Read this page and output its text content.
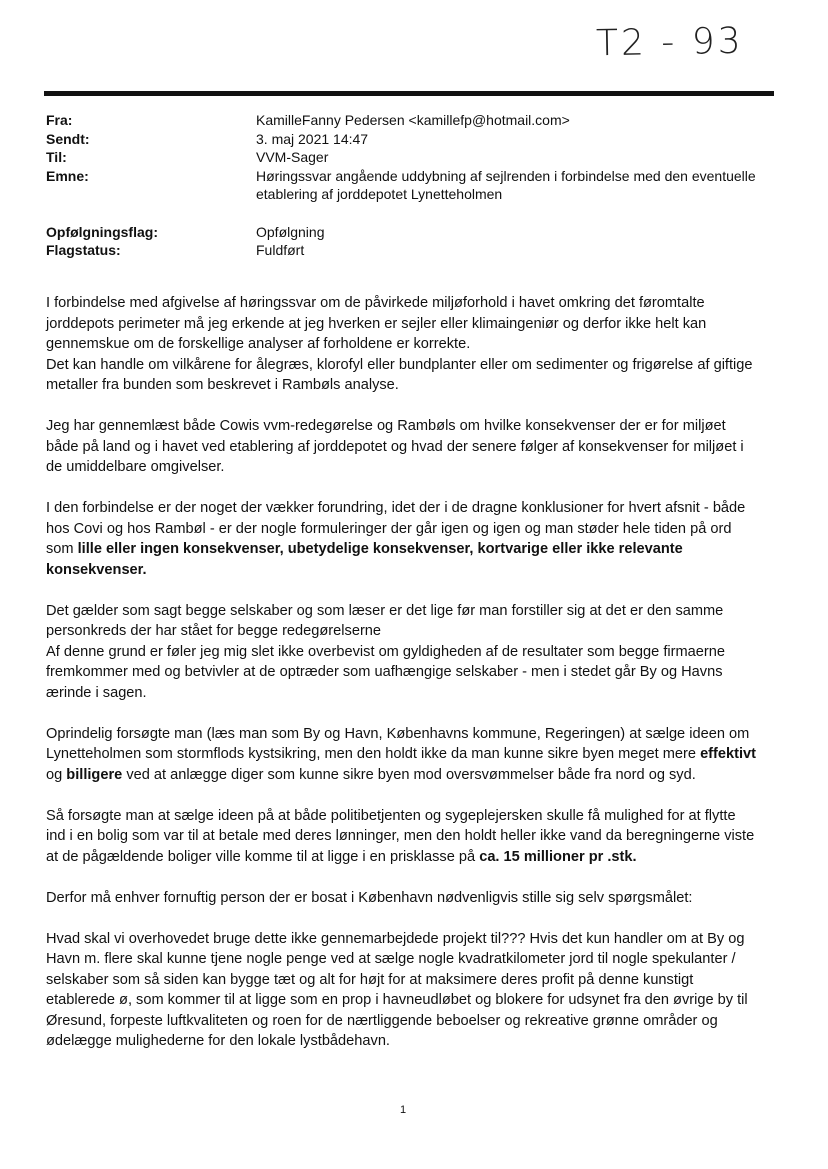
T2 - 93
Fra:	KamilleFanny Pedersen <kamillefp@hotmail.com>
Sendt:	3. maj 2021 14:47
Til:	VVM-Sager
Emne:	Høringssvar angående uddybning af sejlrenden i forbindelse med den eventuelle etablering af jorddepotet Lynetteholmen
Opfølgningsflag:	Opfølgning
Flagstatus:	Fuldført

I forbindelse med afgivelse af høringssvar om de påvirkede miljøforhold i havet omkring det føromtalte jorddepots perimeter må jeg erkende at jeg hverken er sejler eller klimaingeniør og derfor ikke helt kan gennemskue om de forskellige analyser af forholdene er korrekte.

Det kan handle om vilkårene for ålegræs, klorofyl eller bundplanter eller om sedimenter og frigørelse af giftige metaller fra bunden som beskrevet i Rambøls analyse.

Jeg har gennemlæst både Cowis vvm-redegørelse og Rambøls om hvilke konsekvenser der er for miljøet både på land og i havet ved etablering af jorddepotet og hvad der senere følger af konsekvenser for miljøet i de umiddelbare omgivelser.

I den forbindelse er der noget der vækker forundring, idet der i de dragne konklusioner for hvert afsnit - både hos Covi og hos Rambøl - er der nogle formuleringer der går igen og igen og man støder hele tiden på ord som lille eller ingen konsekvenser, ubetydelige konsekvenser, kortvarige eller ikke relevante konsekvenser.

Det gælder som sagt begge selskaber og som læser er det lige før man forstiller sig at det er den samme personkreds der har stået for begge redegørelserne

Af denne grund er føler jeg mig slet ikke overbevist om gyldigheden af de resultater som begge firmaerne fremkommer med og betvivler at de optræder som uafhængige selskaber - men i stedet går By og Havns ærinde i sagen.

Oprindelig forsøgte man (læs man som By og Havn, Københavns kommune, Regeringen) at sælge ideen om Lynetteholmen som stormflods kystsikring, men den holdt ikke da man kunne sikre byen meget mere effektivt og billigere ved at anlægge diger som kunne sikre byen mod oversvømmelser både fra nord og syd.

Så forsøgte man at sælge ideen på at både politibetjenten og sygeplejersken skulle få mulighed for at flytte ind i en bolig som var til at betale med deres lønninger, men den holdt heller ikke vand da beregningerne viste at de pågældende boliger ville komme til at ligge i en prisklasse på ca. 15 millioner pr .stk.

Derfor må enhver fornuftig person der er bosat i København nødvenligvis stille sig selv spørgsmålet:

Hvad skal vi overhovedet bruge dette ikke gennemarbejdede projekt til??? Hvis det kun handler om at By og Havn m. flere skal kunne tjene nogle penge ved at sælge nogle kvadratkilometer jord til nogle spekulanter / selskaber som så siden kan bygge tæt og alt for højt for at maksimere deres profit på denne kunstigt etablerede ø, som kommer til at ligge som en prop i havneudløbet og blokere for udsynet fra den øvrige by til Øresund, forpeste luftkvaliteten og roen for de nærtliggende beboelser og rekreative grønne områder og ødelægge mulighederne for den lokale lystbådehavn.

1
